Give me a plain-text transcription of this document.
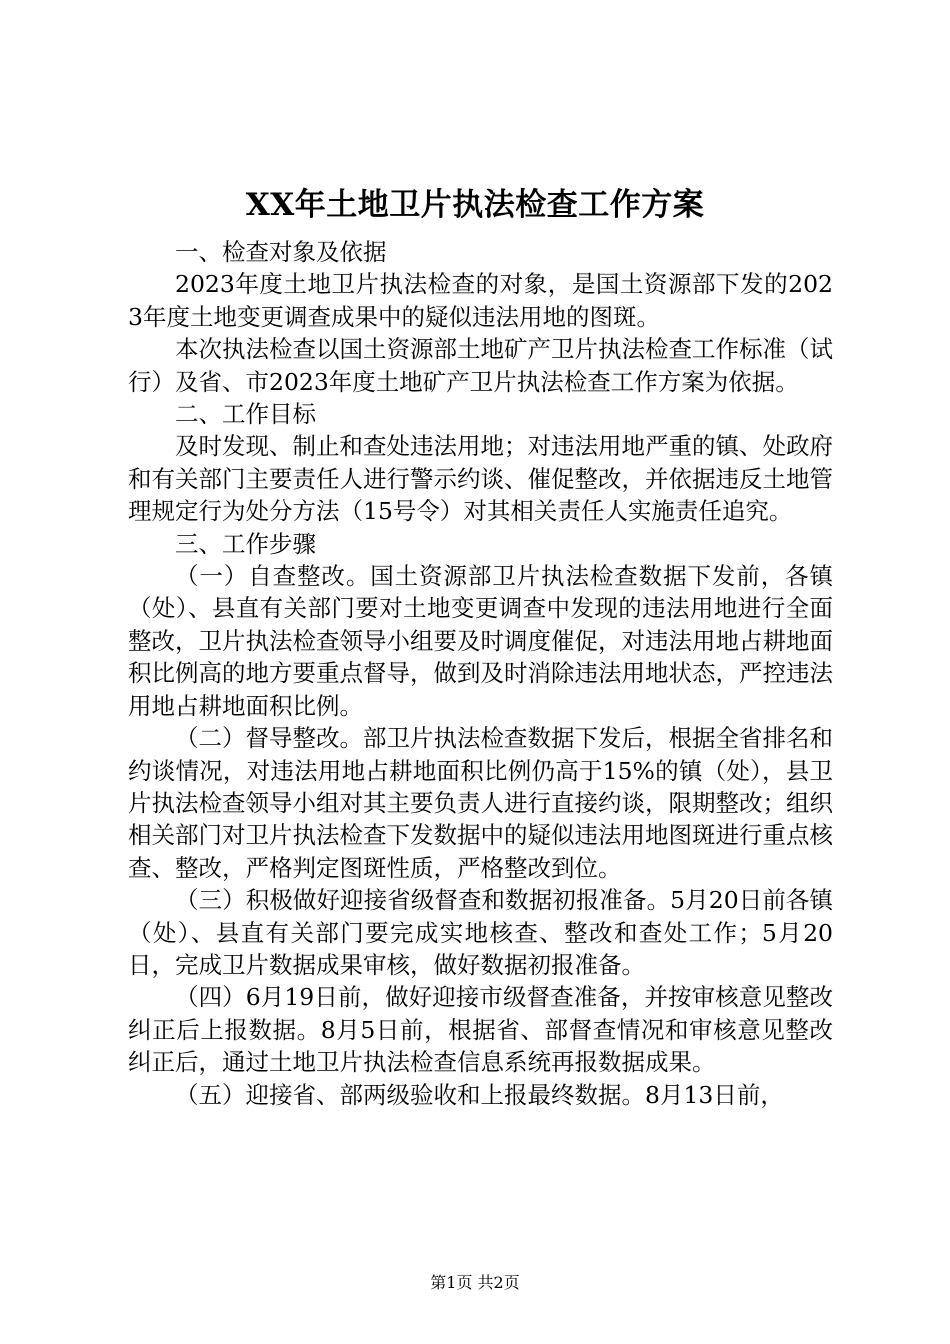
XX年土地卫片执法检查工作方案

一、检查对象及依据

2023年度土地卫片执法检查的对象，是国土资源部下发的2023年度土地变更调查成果中的疑似违法用地的图斑。

本次执法检查以国土资源部土地矿产卫片执法检查工作标准（试行）及省、市2023年度土地矿产卫片执法检查工作方案为依据。

二、工作目标

及时发现、制止和查处违法用地；对违法用地严重的镇、处政府和有关部门主要责任人进行警示约谈、催促整改，并依据违反土地管理规定行为处分方法（15号令）对其相关责任人实施责任追究。

三、工作步骤

（一）自查整改。国土资源部卫片执法检查数据下发前，各镇（处）、县直有关部门要对土地变更调查中发现的违法用地进行全面整改，卫片执法检查领导小组要及时调度催促，对违法用地占耕地面积比例高的地方要重点督导，做到及时消除违法用地状态，严控违法用地占耕地面积比例。

（二）督导整改。部卫片执法检查数据下发后，根据全省排名和约谈情况，对违法用地占耕地面积比例仍高于15%的镇（处），县卫片执法检查领导小组对其主要负责人进行直接约谈，限期整改；组织相关部门对卫片执法检查下发数据中的疑似违法用地图斑进行重点核查、整改，严格判定图斑性质，严格整改到位。

（三）积极做好迎接省级督查和数据初报准备。5月20日前各镇（处）、县直有关部门要完成实地核查、整改和查处工作；5月20日，完成卫片数据成果审核，做好数据初报准备。

（四）6月19日前，做好迎接市级督查准备，并按审核意见整改纠正后上报数据。8月5日前，根据省、部督查情况和审核意见整改纠正后，通过土地卫片执法检查信息系统再报数据成果。

（五）迎接省、部两级验收和上报最终数据。8月13日前，

第1页 共2页
